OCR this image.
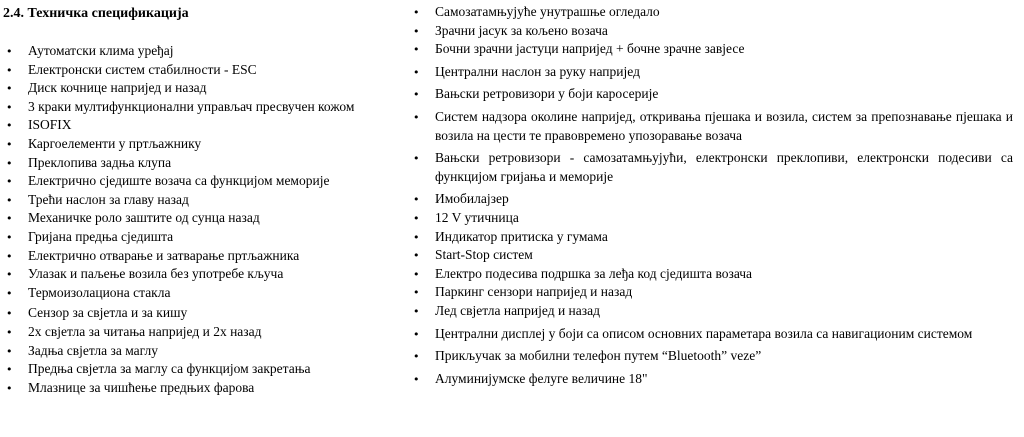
2.4. Техничка спецификација
•
Аутоматски клима уређај
•
Електронски систем стабилности - ESC
•
Диск кочнице напријед и назад
•
3 краки мултифункционални управљач пресвучен кожом
•
ISOFIX
•
Каргоелементи у пртљажнику
•
Преклопива задња клупа
•
Електрично сједиште возача са функцијом меморије
•
Трећи наслон за главу назад
•
Механичке роло заштите од сунца назад
•
Гријана предња сједишта
•
Електрично отварање и затварање пртљажника
•
Улазак и паљење возила без употребе кључа
•
Термоизолациона стакла
•
Сензор за свјетла и за кишу
•
2х свјетла за читања напријед и 2х назад
•
Задња свјетла за маглу
•
Предња свјетла за маглу са функцијом закретања
•
Млазнице за чишћење предњих фарова
•
Самозатамњујуће унутрашње огледало
•
Зрачни јасук за кољено возача
•
Бочни зрачни јастуци напријед + бочне зрачне завјесе
•
Централни наслон за руку напријед
•
Вањски ретровизори у боји каросерије
•
Систем надзора околине напријед, откривања пјешака и возила, систем за препознавање пјешака и возила на цести те правовремено упозоравање возача
•
Вањски ретровизори - самозатамњујући, електронски преклопиви, електронски подесиви са функцијом гријања и меморије
•
Имобилајзер
•
12 V утичница
•
Индикатор притиска у гумама
•
Start-Stop систем
•
Електро подесива подршка за леђа код сједишта возача
•
Паркинг сензори напријед и назад
•
Лед свјетла напријед и назад
•
Централни дисплеј у боји са описом основних параметара возила са навигационим системом
•
Прикључак за мобилни телефон путем “Bluetooth” veze”
•
Алуминијумске фелуге величине 18"
